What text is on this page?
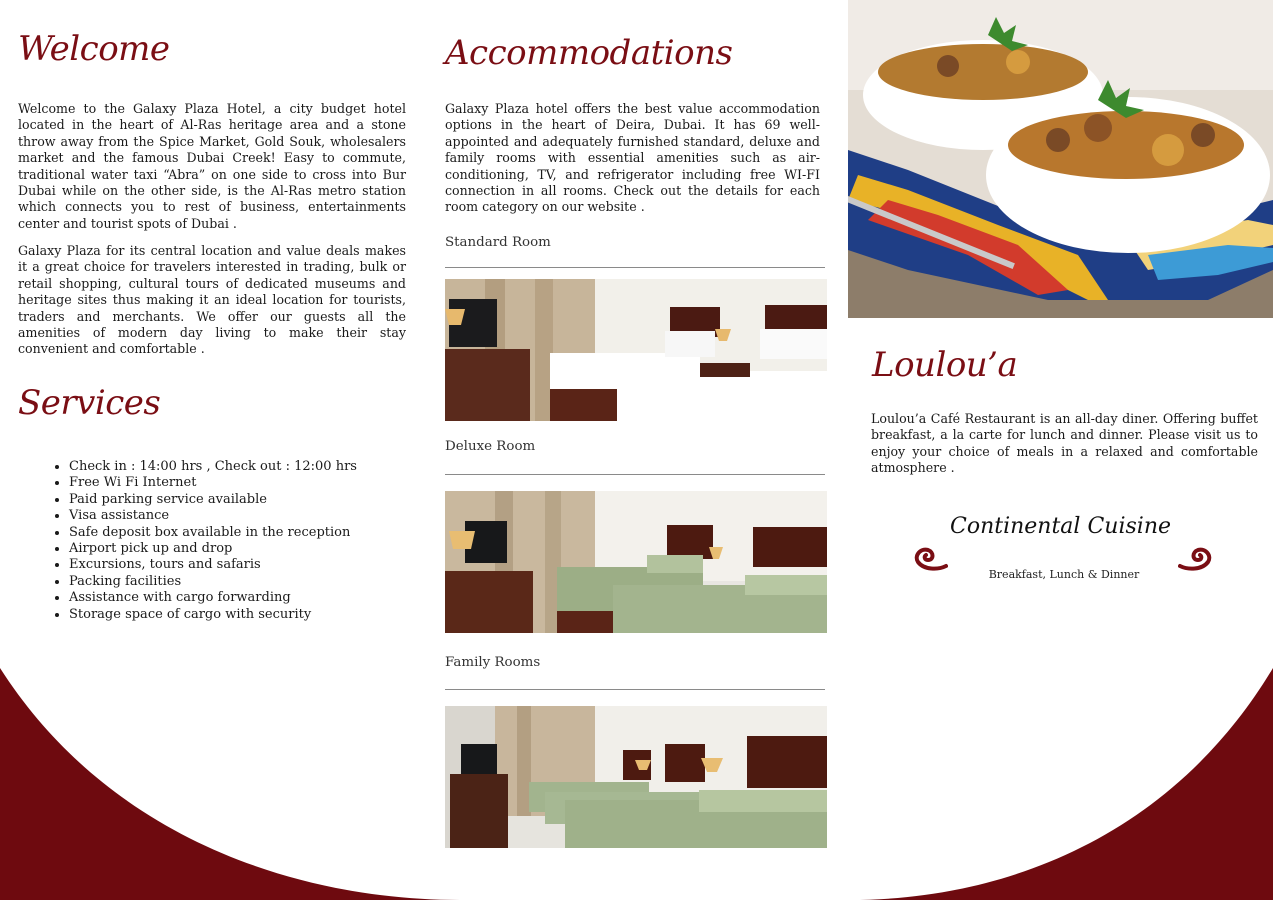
Welcome

Welcome to the Galaxy Plaza Hotel, a city budget hotel located in the heart of Al-Ras heritage area and a stone throw away from the Spice Market, Gold Souk, wholesalers market and the famous Dubai Creek! Easy to commute, traditional water taxi “Abra” on one side to cross into Bur Dubai while on the other side, is the Al-Ras metro station which connects you to rest of business, entertainments center and tourist spots of Dubai .

Galaxy Plaza for its central location and value deals makes it a great choice for travelers interested in trading, bulk or retail shopping, cultural tours of dedicated museums and heritage sites thus making it an ideal location for tourists, traders and merchants. We offer our guests all the amenities of modern day living to make their stay convenient and comfortable .

Services
• Check in : 14:00 hrs , Check out : 12:00 hrs
• Free Wi Fi Internet
• Paid parking service available
• Visa assistance
• Safe deposit box available in the reception
• Airport pick up and drop
• Excursions, tours and safaris
• Packing facilities
• Assistance with cargo forwarding
• Storage space of cargo with security
Accommodations

Galaxy Plaza hotel offers the best value accommodation options in the heart of Deira, Dubai. It has 69 well-appointed and adequately furnished standard, deluxe and family rooms with essential amenities such as air-conditioning, TV, and refrigerator including free WI-FI connection in all rooms. Check out the details for each room category on our website .

Standard Room
Deluxe Room
Family Rooms
Loulou’a

Loulou’a Café Restaurant is an all-day diner. Offering buffet breakfast, a la carte for lunch and dinner. Please visit us to enjoy your choice of meals in a relaxed and comfortable atmosphere .

Continental Cuisine
Breakfast, Lunch & Dinner
